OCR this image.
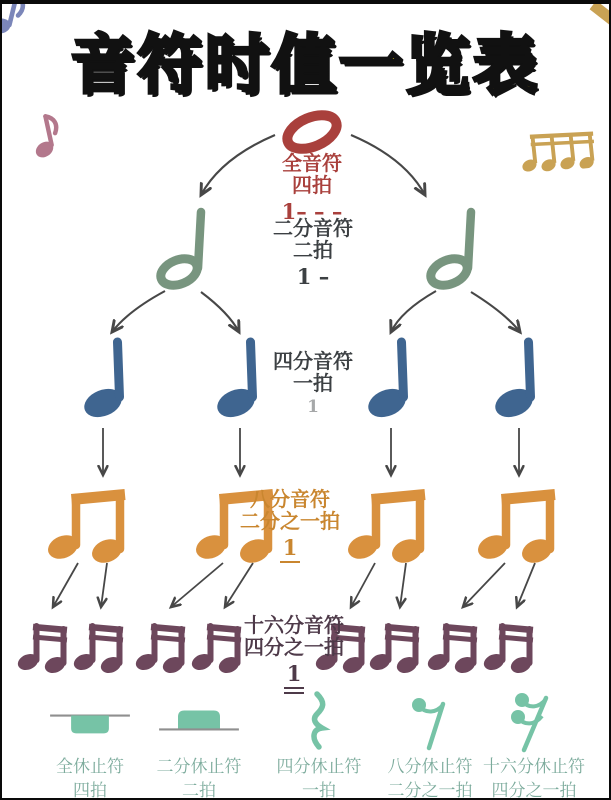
音符时值一览表
全音符
四拍
1– – –
二分音符
二拍
1 –
四分音符
一拍
1
八分音符
二分之一拍
1
十六分音符
四分之一拍
1
全休止符
四拍
二分休止符
二拍
四分休止符
一拍
八分休止符
二分之一拍
十六分休止符
四分之一拍
